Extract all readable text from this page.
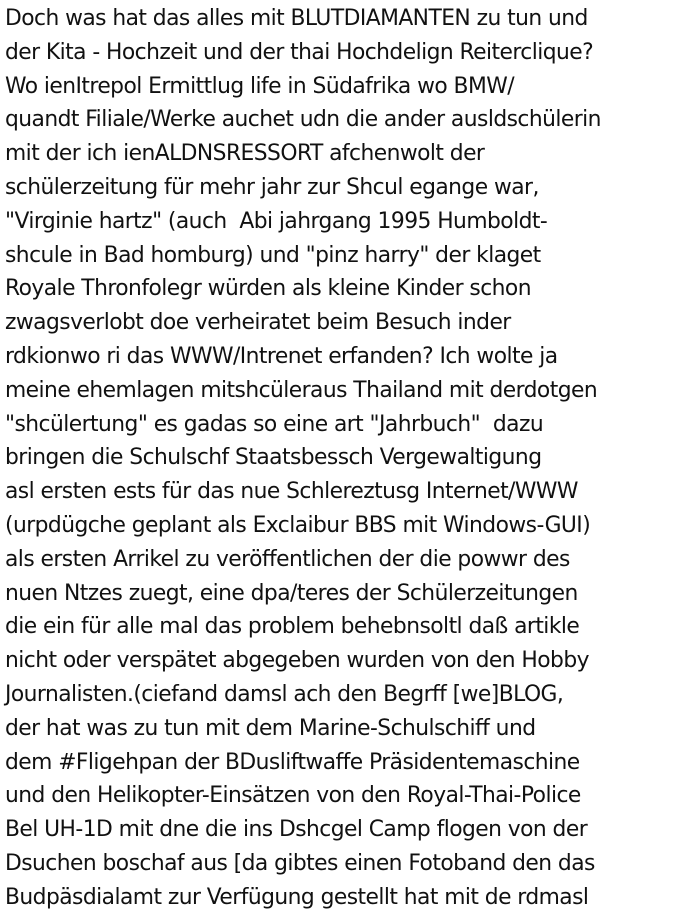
Doch was hat das alles mit BLUTDIAMANTEN zu tun und
der Kita - Hochzeit und der thai Hochdelign Reiterclique?
Wo ienItrepol Ermittlug life in Südafrika wo BMW/
quandt Filiale/Werke auchet udn die ander ausldschülerin
mit der ich ienALDNSRESSORT afchenwolt der
schülerzeitung für mehr jahr zur Shcul egange war,
"Virginie hartz" (auch  Abi jahrgang 1995 Humboldt-
shcule in Bad homburg) und "pinz harry" der klaget
Royale Thronfolegr würden als kleine Kinder schon
zwagsverlobt doe verheiratet beim Besuch inder
rdkionwo ri das WWW/Intrenet erfanden? Ich wolte ja
meine ehemlagen mitshcüleraus Thailand mit derdotgen
"shcülertung" es gadas so eine art "Jahrbuch"  dazu
bringen die Schulschf Staatsbessch Vergewaltigung
asl ersten ests für das nue Schlereztusg Internet/WWW
(urpdügche geplant als Exclaibur BBS mit Windows-GUI)
als ersten Arrikel zu veröffentlichen der die powwr des
nuen Ntzes zuegt, eine dpa/teres der Schülerzeitungen
die ein für alle mal das problem behebnsoltl daß artikle
nicht oder verspätet abgegeben wurden von den Hobby
Journalisten.(ciefand damsl ach den Begrff [we]BLOG,
der hat was zu tun mit dem Marine-Schulschiff und
dem #Fligehpan der BDusliftwaffe Präsidentemaschine
und den Helikopter-Einsätzen von den Royal-Thai-Police
Bel UH-1D mit dne die ins Dshcgel Camp flogen von der
Dsuchen boschaf aus [da gibtes einen Fotoband den das
Budpäsdialamt zur Verfügung gestellt hat mit de rdmasl
